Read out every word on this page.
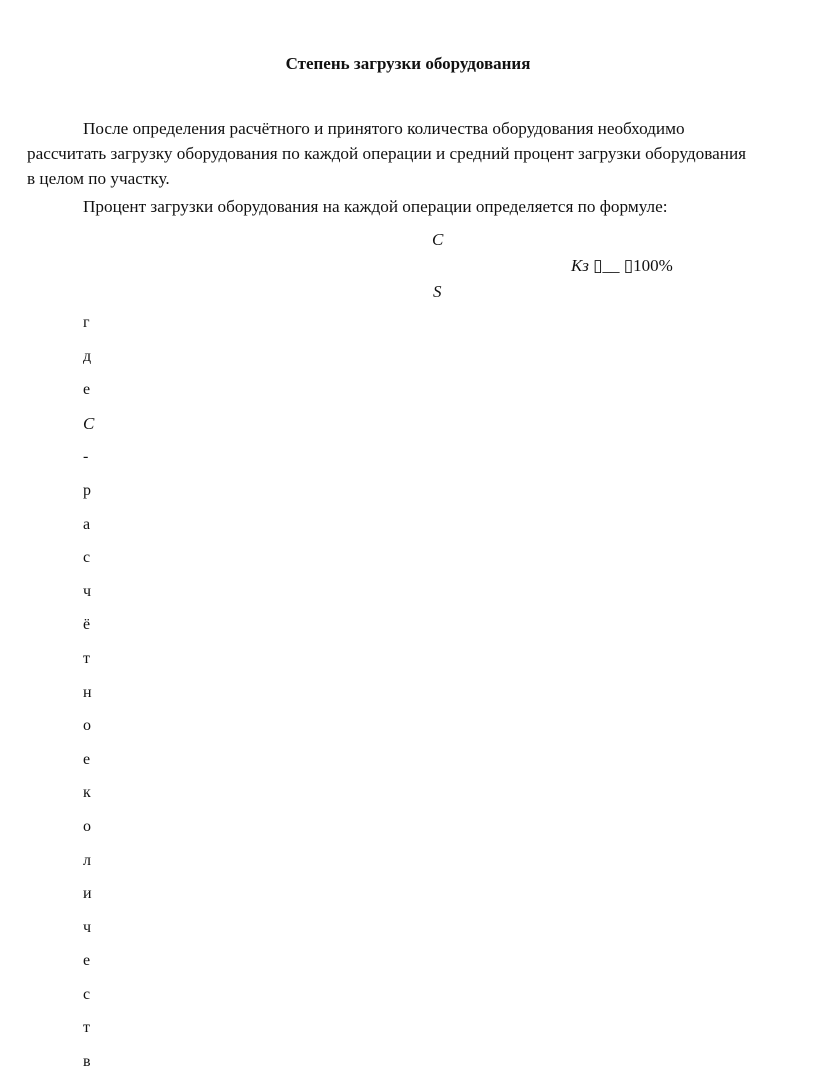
Степень загрузки оборудования
После определения расчётного и принятого количества оборудования необходимо
рассчитать загрузку оборудования по каждой операции и средний процент загрузки оборудования
в целом по участку.
Процент загрузки оборудования на каждой операции определяется по формуле:
C
Кз ▯__ ▯100%
S
г
д
е
C
-
р
а
с
ч
ё
т
н
о
е
к
о
л
и
ч
е
с
т
в
